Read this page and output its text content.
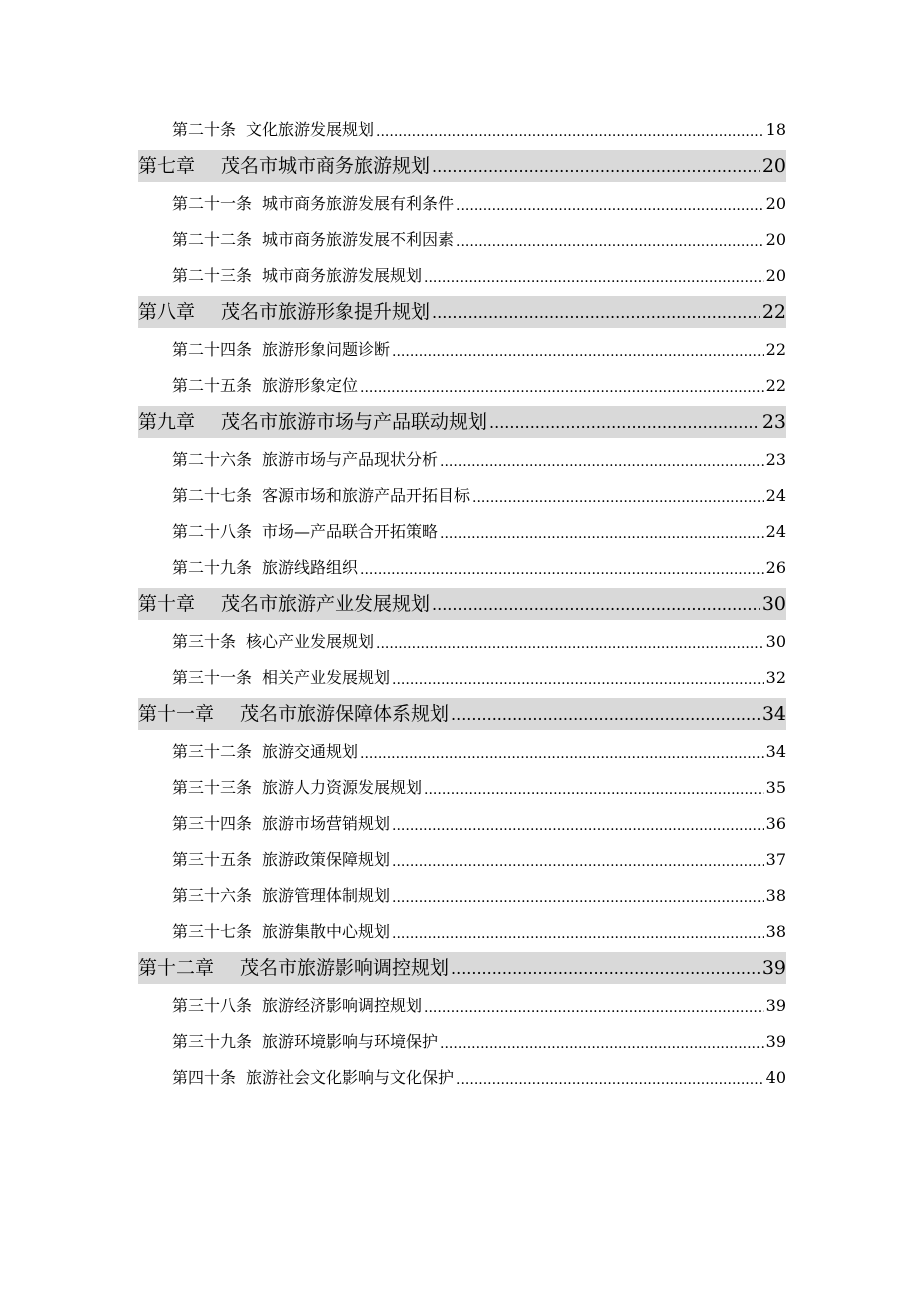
第二十条 文化旅游发展规划 .....	18
第七章 茂名市城市商务旅游规划 .....	20
第二十一条 城市商务旅游发展有利条件 .....	20
第二十二条 城市商务旅游发展不利因素 .....	20
第二十三条 城市商务旅游发展规划 .....	20
第八章 茂名市旅游形象提升规划 .....	22
第二十四条 旅游形象问题诊断 .....	22
第二十五条 旅游形象定位 .....	22
第九章 茂名市旅游市场与产品联动规划 .....	23
第二十六条 旅游市场与产品现状分析 .....	23
第二十七条 客源市场和旅游产品开拓目标 .....	24
第二十八条 市场—产品联合开拓策略 .....	24
第二十九条 旅游线路组织 .....	26
第十章 茂名市旅游产业发展规划 .....	30
第三十条 核心产业发展规划 .....	30
第三十一条 相关产业发展规划 .....	32
第十一章 茂名市旅游保障体系规划 .....	34
第三十二条 旅游交通规划 .....	34
第三十三条 旅游人力资源发展规划 .....	35
第三十四条 旅游市场营销规划 .....	36
第三十五条 旅游政策保障规划 .....	37
第三十六条 旅游管理体制规划 .....	38
第三十七条 旅游集散中心规划 .....	38
第十二章 茂名市旅游影响调控规划 .....	39
第三十八条 旅游经济影响调控规划 .....	39
第三十九条 旅游环境影响与环境保护 .....	39
第四十条 旅游社会文化影响与文化保护 .....	40
